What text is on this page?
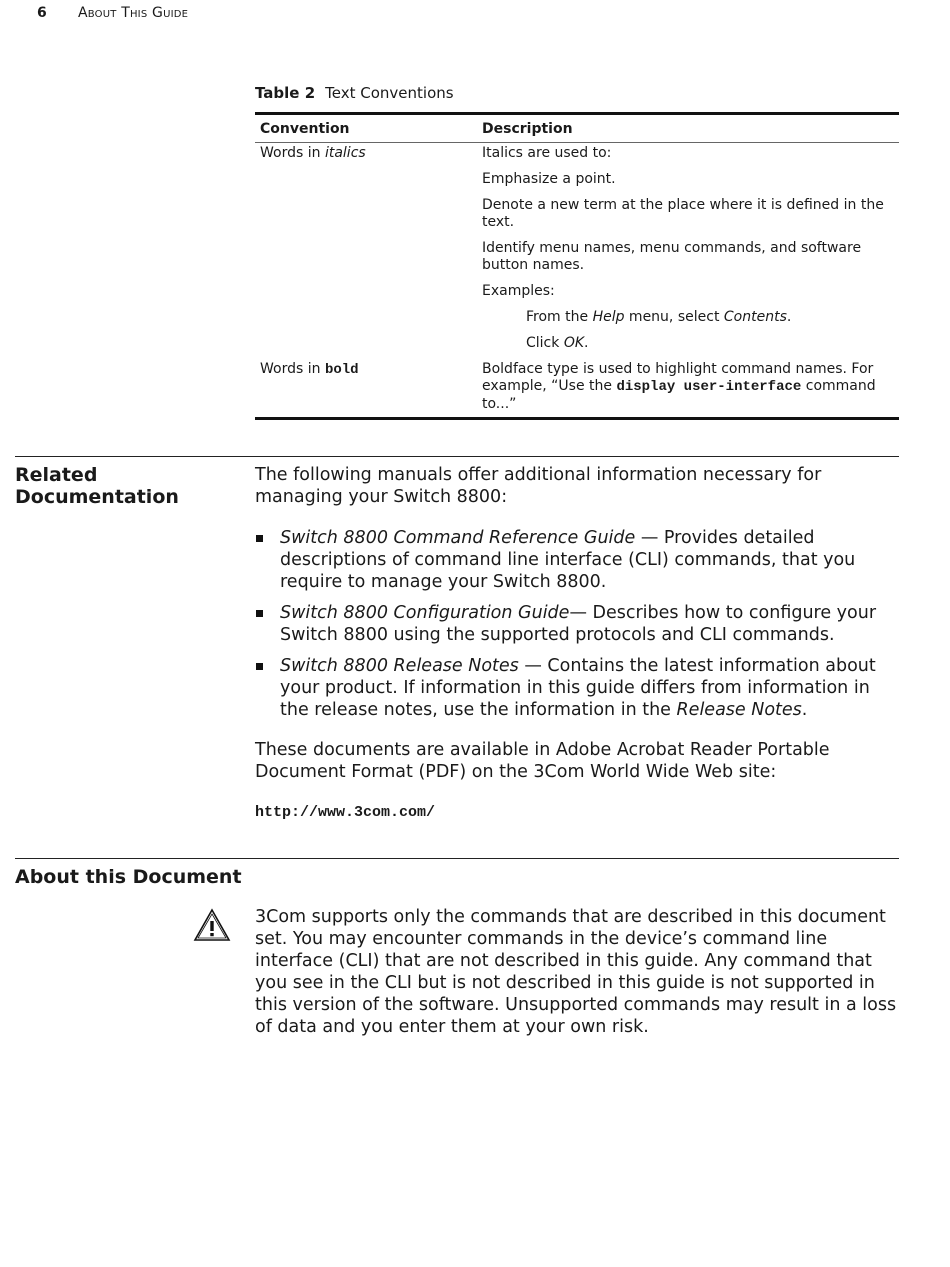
6 About This Guide
Table 2 Text Conventions
Convention	Description
Words in italics	Italics are used to:

Emphasize a point.

Denote a new term at the place where it is defined in the text.

Identify menu names, menu commands, and software button names.

Examples:

From the Help menu, select Contents.

Click OK.

Words in bold	Boldface type is used to highlight command names. For example, “Use the display user-interface command to...”

Related
Documentation

The following manuals offer additional information necessary for managing your Switch 8800:

Switch 8800 Command Reference Guide — Provides detailed descriptions of command line interface (CLI) commands, that you require to manage your Switch 8800.
Switch 8800 Configuration Guide— Describes how to configure your Switch 8800 using the supported protocols and CLI commands.
Switch 8800 Release Notes — Contains the latest information about your product. If information in this guide differs from information in the release notes, use the information in the Release Notes.

These documents are available in Adobe Acrobat Reader Portable Document Format (PDF) on the 3Com World Wide Web site:

http://www.3com.com/
About this Document

3Com supports only the commands that are described in this document set. You may encounter commands in the device’s command line interface (CLI) that are not described in this guide. Any command that you see in the CLI but is not described in this guide is not supported in this version of the software. Unsupported commands may result in a loss of data and you enter them at your own risk.
